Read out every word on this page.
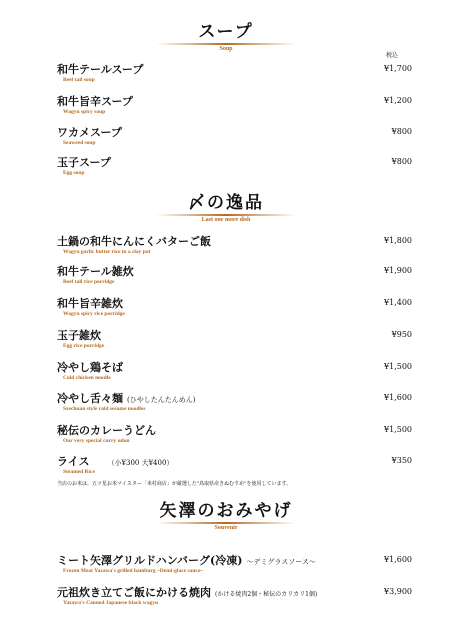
スープ
Soup
税込
和牛テールスープ
Beef tail soup
¥1,700
和牛旨辛スープ
Wagyu spicy soup
¥1,200
ワカメスープ
Seaweed soup
¥800
玉子スープ
Egg soup
¥800
〆の逸品
Last one more dish
土鍋の和牛にんにくバターご飯
Wagyu garlic butter rice in a clay pot
¥1,800
和牛テール雑炊
Beef tail rice porridge
¥1,900
和牛旨辛雑炊
Wagyu spicy rice porridge
¥1,400
玉子雑炊
Egg rice porridge
¥950
冷やし鶏そば
Cold chicken noodle
¥1,500
冷やし舌々麺 (ひやしたんたんめん)
Szechuan style cold sesame noodles
¥1,600
秘伝のカレーうどん
Our very special curry udon
¥1,500
ライス	（小¥300 大¥400）
Steamed Rice
¥350
当店のお米は、五ツ星お米マイスター「米村商店」が厳選した"鳥取県産きぬむすめ"を使用しています。
矢澤のおみやげ
Souvenir
ミート矢澤グリルドハンバーグ(冷凍) ～デミグラスソース～
Frozen Meat Yazawa's grilled hamburg ~Demi-glace sauce~
¥1,600
元祖炊き立てご飯にかける焼肉 (かける焼肉2個・秘伝のカリカリ1個)
Yazawa's Canned Japanese black wagyu
¥3,900
